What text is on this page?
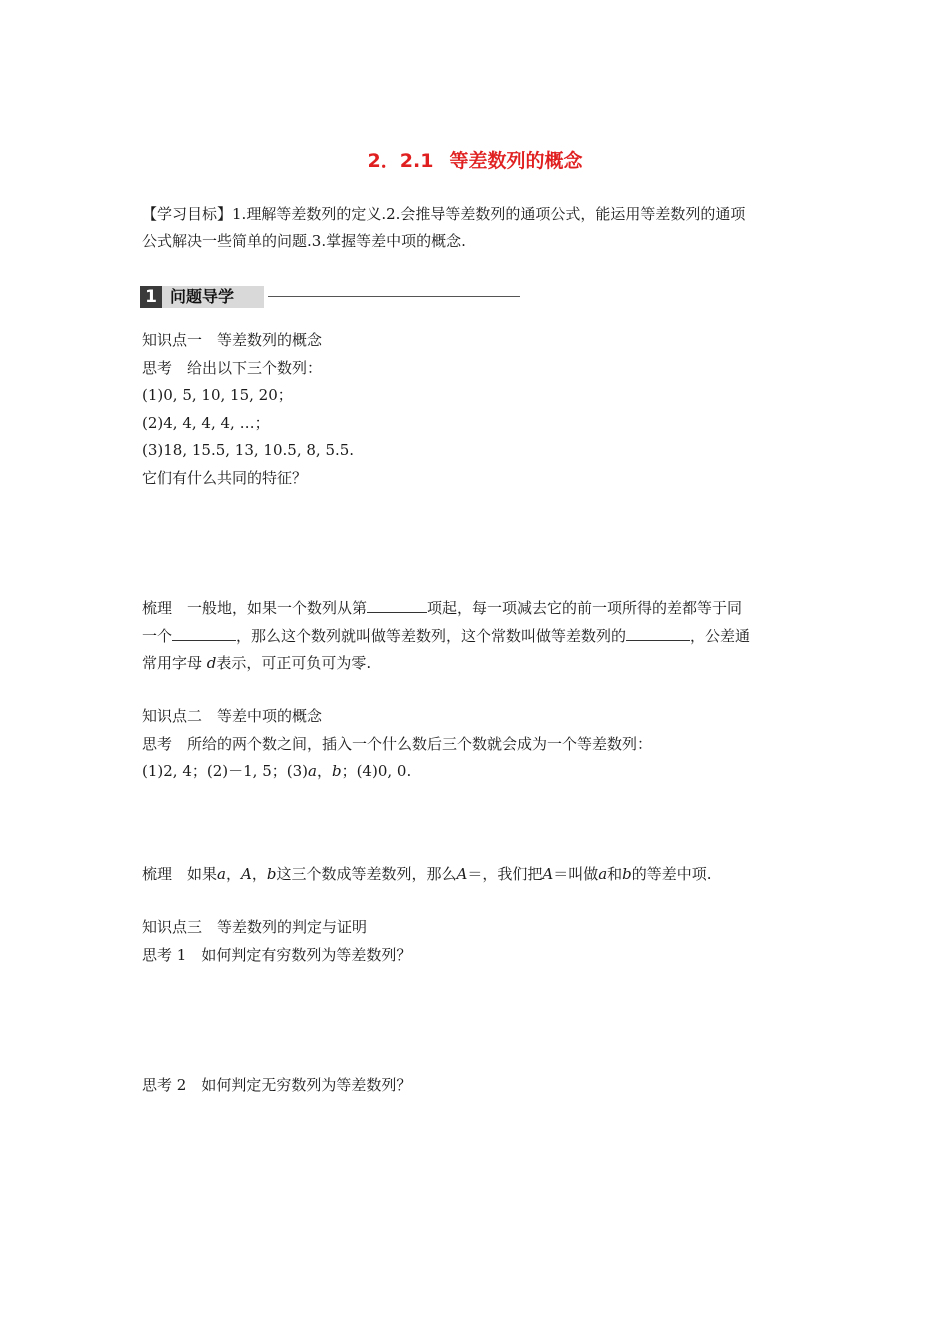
2．2.1 等差数列的概念
【学习目标】1.理解等差数列的定义.2.会推导等差数列的通项公式，能运用等差数列的通项
公式解决一些简单的问题.3.掌握等差中项的概念.
1 问题导学

知识点一　等差数列的概念

思考 给出以下三个数列：

(1)0, 5, 10, 15, 20；

(2)4, 4, 4, 4, …；

(3)18, 15.5, 13, 10.5, 8, 5.5.

它们有什么共同的特征？

梳理 一般地，如果一个数列从第	项起，每一项减去它的前一项所得的差都等于同

一个	，那么这个数列就叫做等差数列，这个常数叫做等差数列的	，公差通

常用字母 d表示，可正可负可为零.

知识点二　等差中项的概念

思考 所给的两个数之间，插入一个什么数后三个数就会成为一个等差数列：

(1)2, 4；(2)－1, 5；(3)a，b；(4)0, 0.

梳理 如果a，A，b这三个数成等差数列，那么A＝，我们把A＝叫做a和b的等差中项.

知识点三　等差数列的判定与证明

思考 1 如何判定有穷数列为等差数列？

思考 2 如何判定无穷数列为等差数列？
